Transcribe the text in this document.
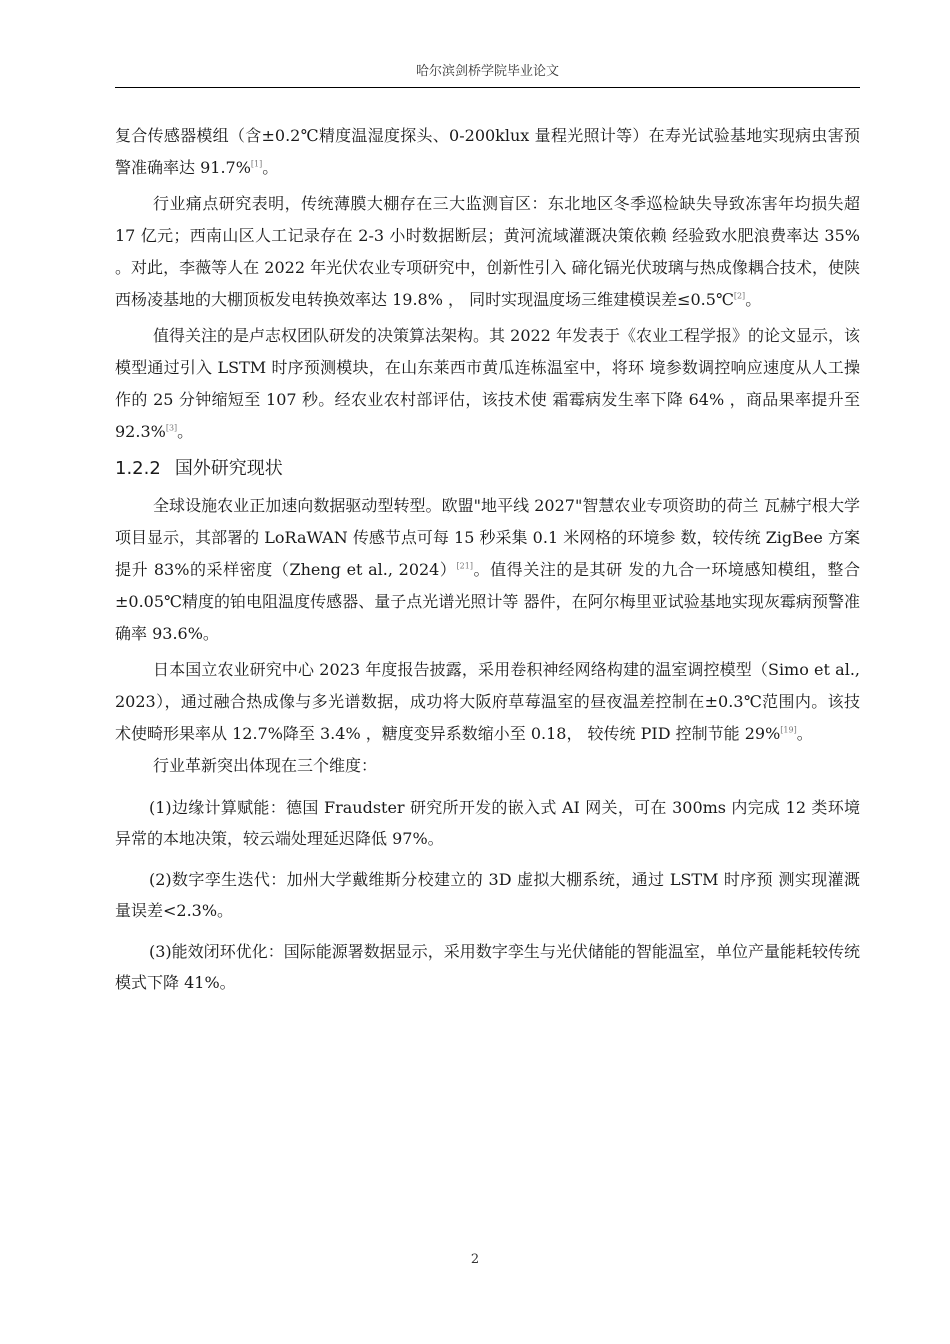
哈尔滨剑桥学院毕业论文

复合传感器模组（含±0.2℃精度温湿度探头、0-200klux 量程光照计等）在寿光试验基地实现病虫害预警准确率达 91.7%[1]。

行业痛点研究表明，传统薄膜大棚存在三大监测盲区：东北地区冬季巡检缺失导致冻害年均损失超 17 亿元；西南山区人工记录存在 2-3 小时数据断层；黄河流域灌溉决策依赖 经验致水肥浪费率达 35% 。对此，李薇等人在 2022 年光伏农业专项研究中，创新性引入 碲化镉光伏玻璃与热成像耦合技术，使陕西杨凌基地的大棚顶板发电转换效率达 19.8% ， 同时实现温度场三维建模误差≤0.5℃[2]。

值得关注的是卢志权团队研发的决策算法架构。其 2022 年发表于《农业工程学报》的论文显示，该模型通过引入 LSTM 时序预测模块，在山东莱西市黄瓜连栋温室中，将环 境参数调控响应速度从人工操作的 25 分钟缩短至 107 秒。经农业农村部评估，该技术使 霜霉病发生率下降 64% ，商品果率提升至 92.3%[3]。

1.2.2 国外研究现状

全球设施农业正加速向数据驱动型转型。欧盟"地平线 2027"智慧农业专项资助的荷兰 瓦赫宁根大学项目显示，其部署的 LoRaWAN 传感节点可每 15 秒采集 0.1 米网格的环境参 数，较传统 ZigBee 方案提升 83%的采样密度（Zheng et al., 2024）[21]。值得关注的是其研 发的九合一环境感知模组，整合±0.05℃精度的铂电阻温度传感器、量子点光谱光照计等 器件，在阿尔梅里亚试验基地实现灰霉病预警准确率 93.6%。

日本国立农业研究中心 2023 年度报告披露，采用卷积神经网络构建的温室调控模型（Simo et al., 2023），通过融合热成像与多光谱数据，成功将大阪府草莓温室的昼夜温差控制在±0.3℃范围内。该技术使畸形果率从 12.7%降至 3.4% ，糖度变异系数缩小至 0.18， 较传统 PID 控制节能 29%[19]。

行业革新突出体现在三个维度：

(1)边缘计算赋能：德国 Fraudster 研究所开发的嵌入式 AI 网关，可在 300ms 内完成 12 类环境异常的本地决策，较云端处理延迟降低 97%。

(2)数字孪生迭代：加州大学戴维斯分校建立的 3D 虚拟大棚系统，通过 LSTM 时序预 测实现灌溉量误差<2.3%。

(3)能效闭环优化：国际能源署数据显示，采用数字孪生与光伏储能的智能温室，单位产量能耗较传统模式下降 41%。

2
